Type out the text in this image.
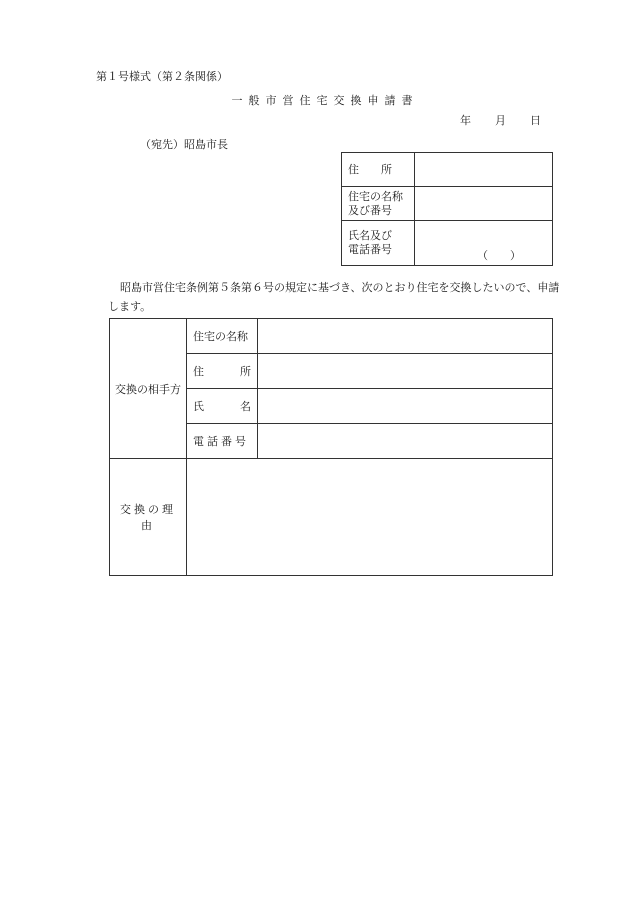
第１号様式（第２条関係）
一般市営住宅交換申請書
年 月 日
（宛先）昭島市長
住　　所	

住宅の名称
及び番号	

氏名及び
電話番号	（　　）
昭島市営住宅条例第５条第６号の規定に基づき、次のとおり住宅を交換したいので、申請します。
交換の相手方	住宅の名称	

	住 所	

	氏 名	

	電話番号	
交換の理由		
